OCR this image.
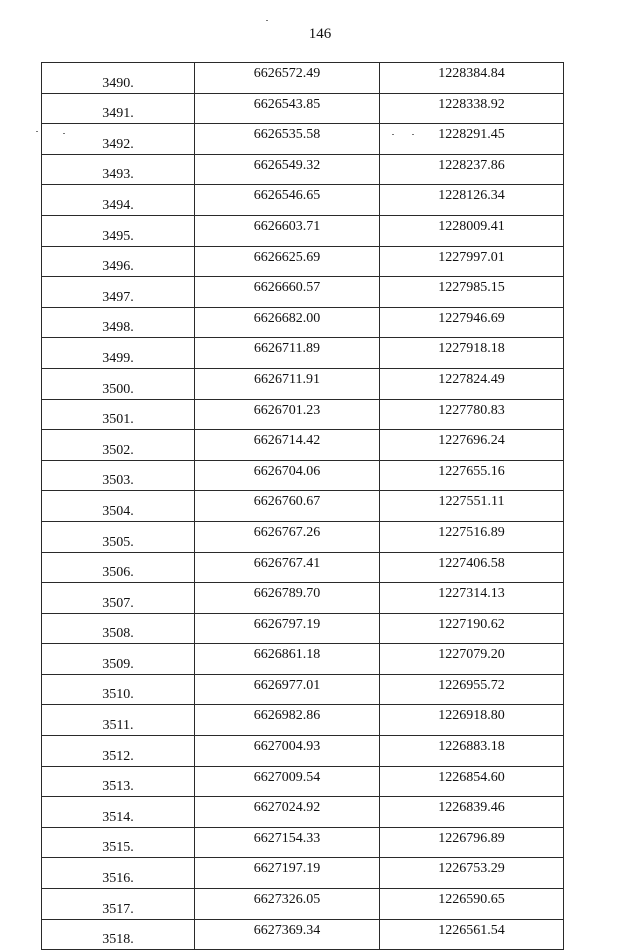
146
3490.	6626572.49	1228384.84
3491.	6626543.85	1228338.92
3492.	6626535.58	1228291.45
3493.	6626549.32	1228237.86
3494.	6626546.65	1228126.34
3495.	6626603.71	1228009.41
3496.	6626625.69	1227997.01
3497.	6626660.57	1227985.15
3498.	6626682.00	1227946.69
3499.	6626711.89	1227918.18
3500.	6626711.91	1227824.49
3501.	6626701.23	1227780.83
3502.	6626714.42	1227696.24
3503.	6626704.06	1227655.16
3504.	6626760.67	1227551.11
3505.	6626767.26	1227516.89
3506.	6626767.41	1227406.58
3507.	6626789.70	1227314.13
3508.	6626797.19	1227190.62
3509.	6626861.18	1227079.20
3510.	6626977.01	1226955.72
3511.	6626982.86	1226918.80
3512.	6627004.93	1226883.18
3513.	6627009.54	1226854.60
3514.	6627024.92	1226839.46
3515.	6627154.33	1226796.89
3516.	6627197.19	1226753.29
3517.	6627326.05	1226590.65
3518.	6627369.34	1226561.54
